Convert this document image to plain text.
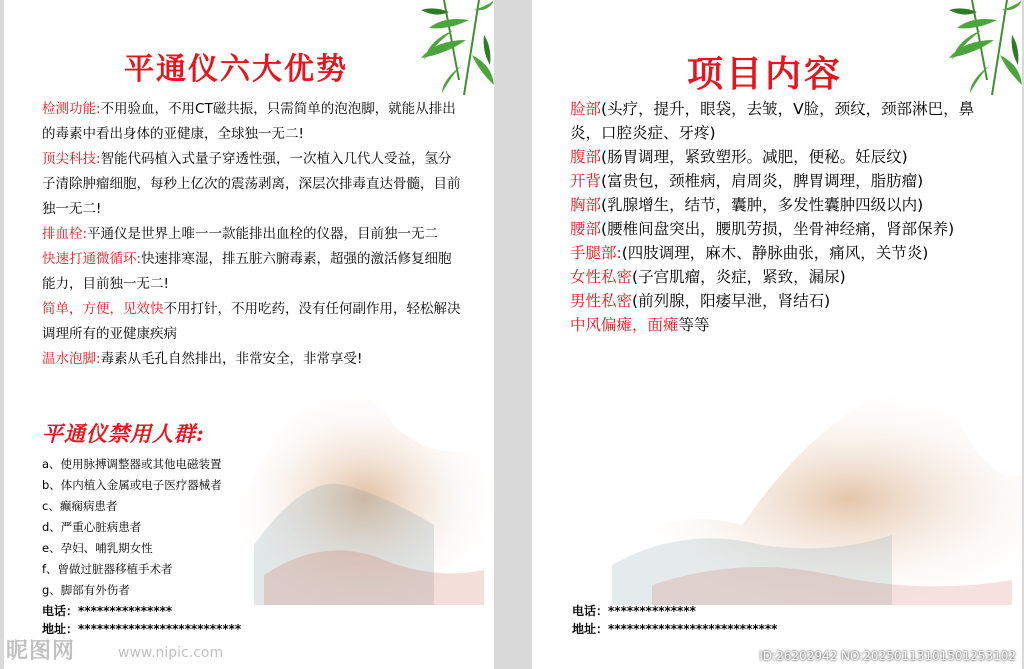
平通仪六大优势

检测功能:不用验血，不用CT磁共振，只需简单的泡泡脚，就能从排出的毒素中看出身体的亚健康，全球独一无二!

顶尖科技:智能代码植入式量子穿透性强，一次植入几代人受益，氢分子清除肿瘤细胞，每秒上亿次的震荡剥离，深层次排毒直达骨髓，目前独一无二!

排血栓:平通仪是世界上唯一一款能排出血栓的仪器，目前独一无二

快速打通微循环:快速排寒湿，排五脏六腑毒素，超强的激活修复细胞能力，目前独一无二!

简单，方便，见效快不用打针，不用吃药，没有任何副作用，轻松解决调理所有的亚健康疾病

温水泡脚:毒素从毛孔自然排出，非常安全，非常享受!

平通仪禁用人群:
a、使用脉搏调整器或其他电磁装置
b、体内植入金属或电子医疗器械者
c、癫痫病患者
d、严重心脏病患者
e、孕妇、哺乳期女性
f、曾做过脏器移植手术者
g、脚部有外伤者
电话：***************
地址：**************************
项目内容

脸部(头疗，提升，眼袋，去皱，V脸，颈纹，颈部淋巴，鼻炎，口腔炎症、牙疼)

腹部(肠胃调理，紧致塑形。减肥，便秘。妊辰纹)

开背(富贵包，颈椎病，肩周炎，脾胃调理，脂肪瘤)

胸部(乳腺增生，结节，囊肿，多发性囊肿四级以内)

腰部(腰椎间盘突出，腰肌劳损，坐骨神经痛，肾部保养)

手腿部:(四肢调理，麻木、静脉曲张，痛风，关节炎)

女性私密(子宫肌瘤，炎症，紧致，漏尿)

男性私密(前列腺，阳痿早泄，肾结石)

中风偏瘫，面瘫等等

电话：**************
地址：***************************
昵图网	www.nipic.com	ID:26202942 NO:20250113101501253102
